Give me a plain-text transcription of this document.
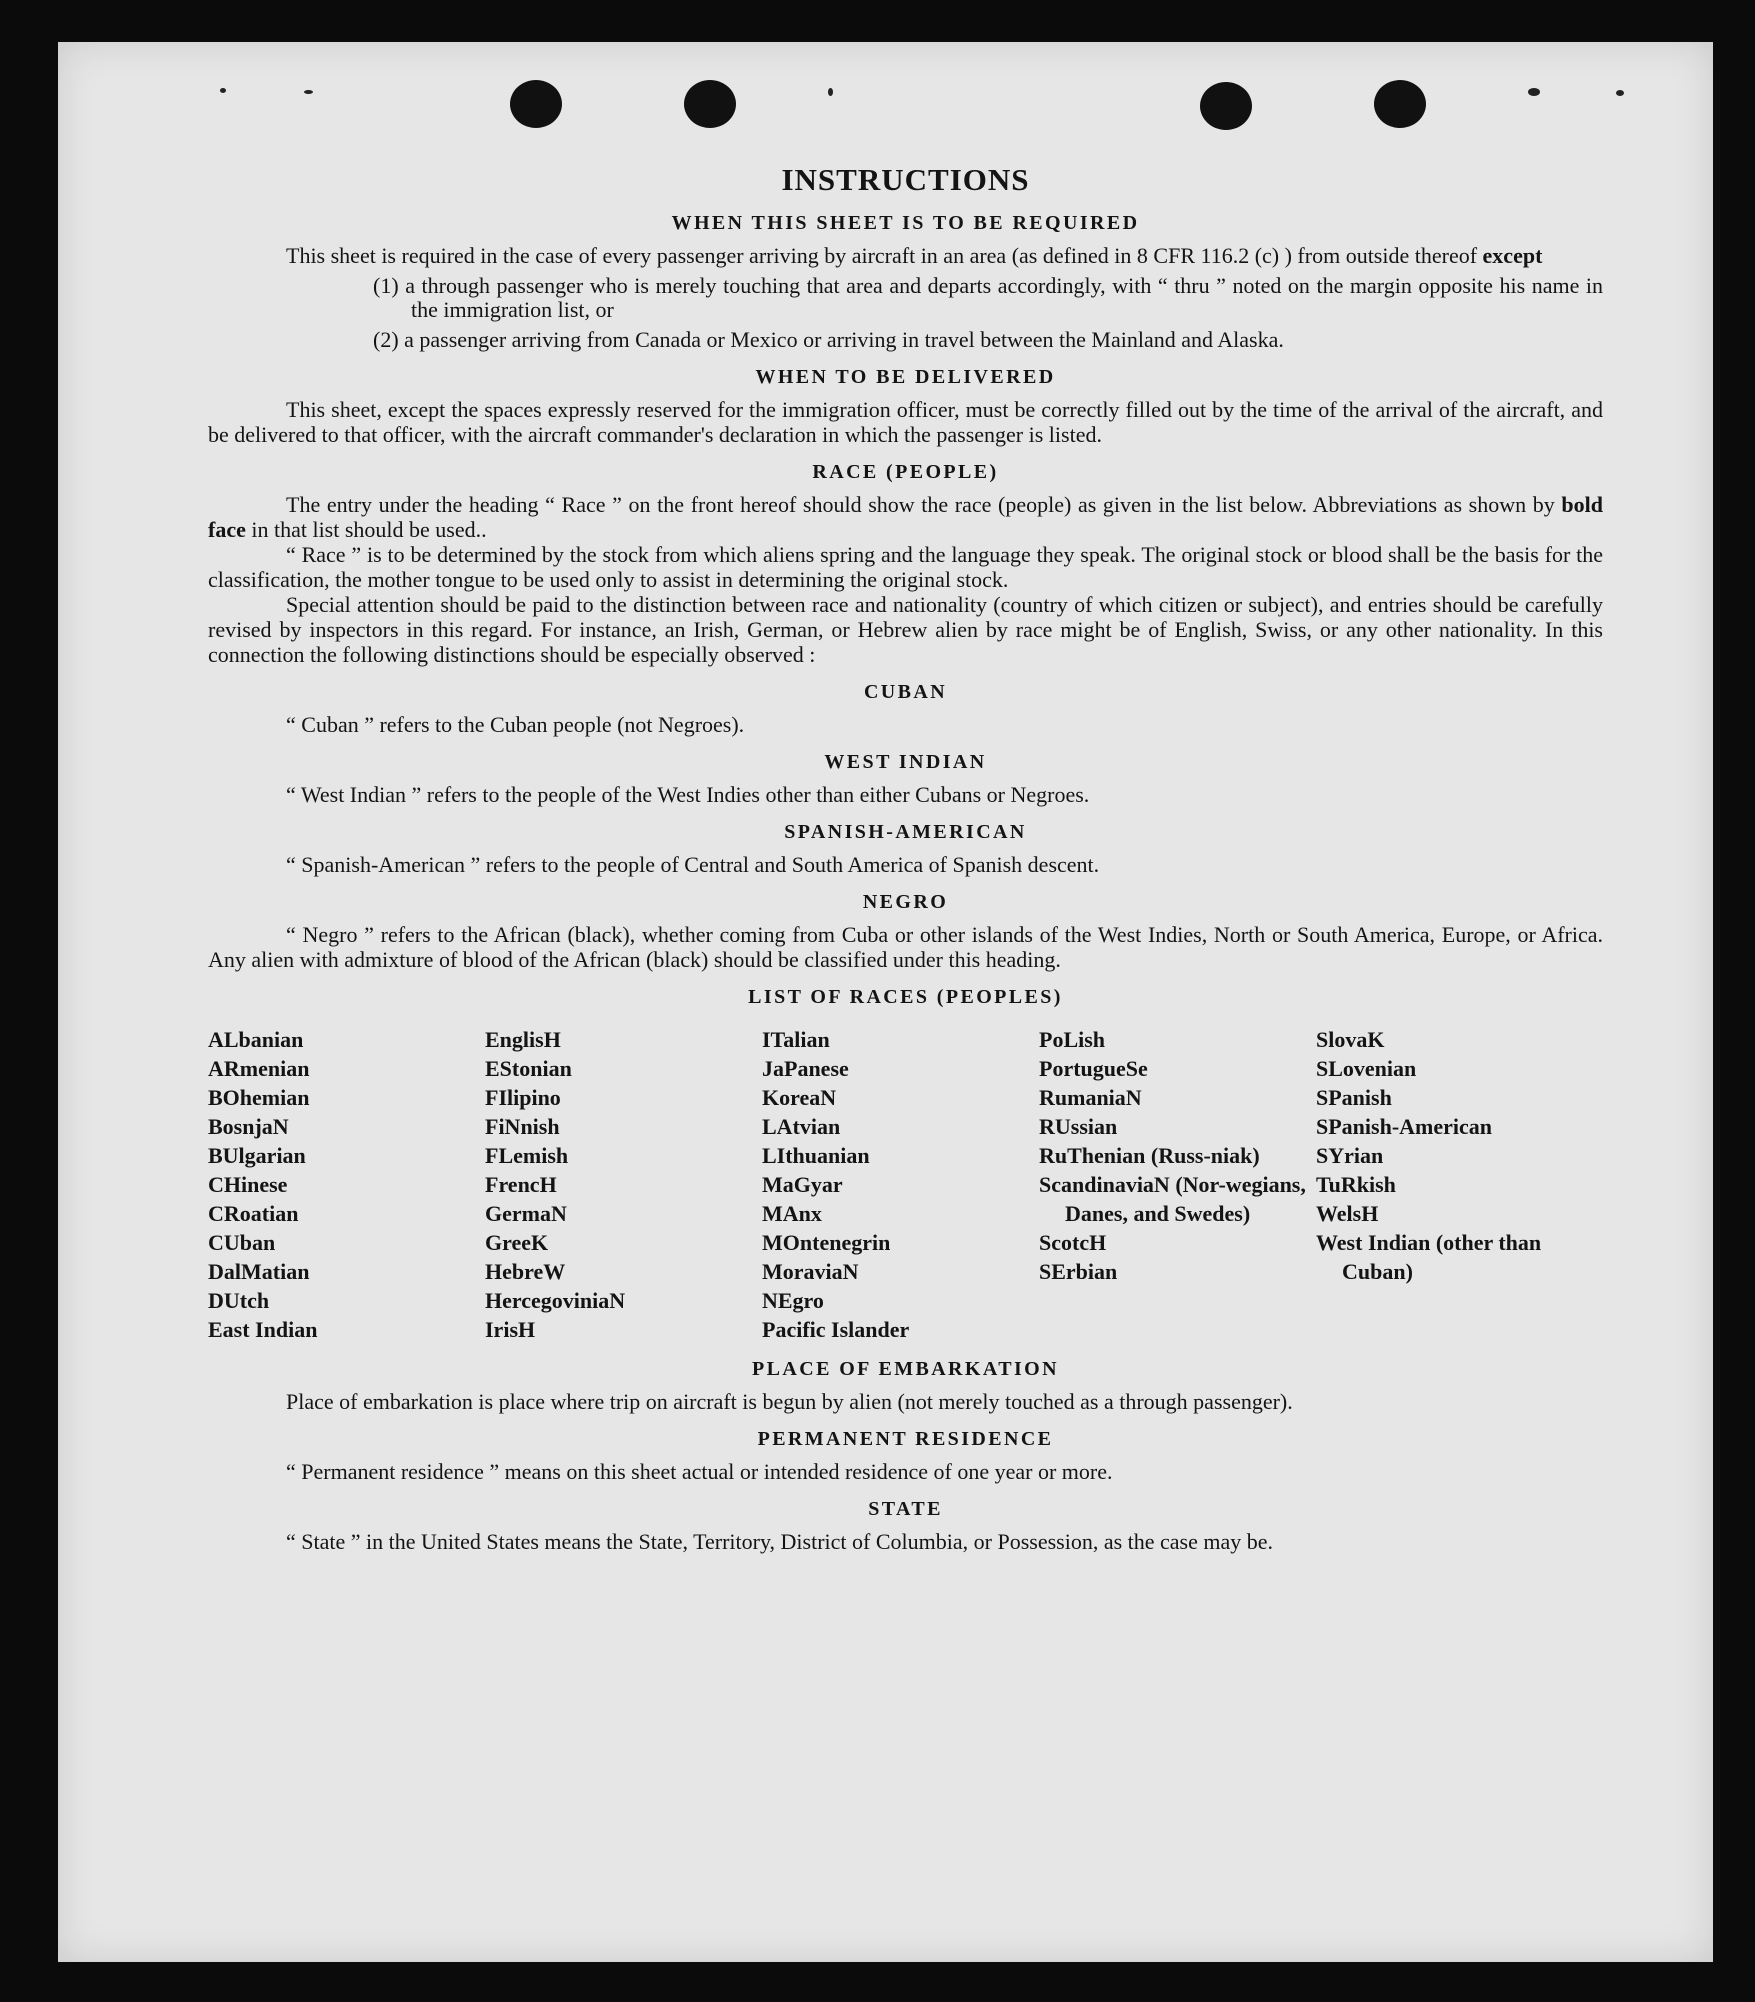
INSTRUCTIONS
WHEN THIS SHEET IS TO BE REQUIRED

This sheet is required in the case of every passenger arriving by aircraft in an area (as defined in 8 CFR 116.2 (c) ) from outside thereof except

(1) a through passenger who is merely touching that area and departs accordingly, with “ thru ” noted on the margin opposite his name in the immigration list, or
(2) a passenger arriving from Canada or Mexico or arriving in travel between the Mainland and Alaska.
WHEN TO BE DELIVERED

This sheet, except the spaces expressly reserved for the immigration officer, must be correctly filled out by the time of the arrival of the aircraft, and be delivered to that officer, with the aircraft commander's declaration in which the passenger is listed.

RACE (PEOPLE)

The entry under the heading “ Race ” on the front hereof should show the race (people) as given in the list below. Abbreviations as shown by bold face in that list should be used..

“ Race ” is to be determined by the stock from which aliens spring and the language they speak. The original stock or blood shall be the basis for the classification, the mother tongue to be used only to assist in determining the original stock.

Special attention should be paid to the distinction between race and nationality (country of which citizen or subject), and entries should be carefully revised by inspectors in this regard. For instance, an Irish, German, or Hebrew alien by race might be of English, Swiss, or any other nationality. In this connection the following distinctions should be especially observed :

CUBAN

“ Cuban ” refers to the Cuban people (not Negroes).

WEST INDIAN

“ West Indian ” refers to the people of the West Indies other than either Cubans or Negroes.

SPANISH-AMERICAN

“ Spanish-American ” refers to the people of Central and South America of Spanish descent.

NEGRO

“ Negro ” refers to the African (black), whether coming from Cuba or other islands of the West Indies, North or South America, Europe, or Africa. Any alien with admixture of blood of the African (black) should be classified under this heading.

LIST OF RACES (PEOPLES)
ALbanian
ARmenian
BOhemian
BosnjaN
BUlgarian
CHinese
CRoatian
CUban
DalMatian
DUtch
East Indian
EnglisH
EStonian
FIlipino
FiNnish
FLemish
FrencH
GermaN
GreeK
HebreW
HercegoviniaN
IrisH
ITalian
JaPanese
KoreaN
LAtvian
LIthuanian
MaGyar
MAnx
MOntenegrin
MoraviaN
NEgro
Pacific Islander
PoLish
PortugueSe
RumaniaN
RUssian
RuThenian (Russ-niak)
ScandinaviaN (Nor-wegians, Danes, and Swedes)
ScotcH
SErbian
SlovaK
SLovenian
SPanish
SPanish-American
SYrian
TuRkish
WelsH
West Indian (other than Cuban)
PLACE OF EMBARKATION

Place of embarkation is place where trip on aircraft is begun by alien (not merely touched as a through passenger).

PERMANENT RESIDENCE

“ Permanent residence ” means on this sheet actual or intended residence of one year or more.

STATE

“ State ” in the United States means the State, Territory, District of Columbia, or Possession, as the case may be.
